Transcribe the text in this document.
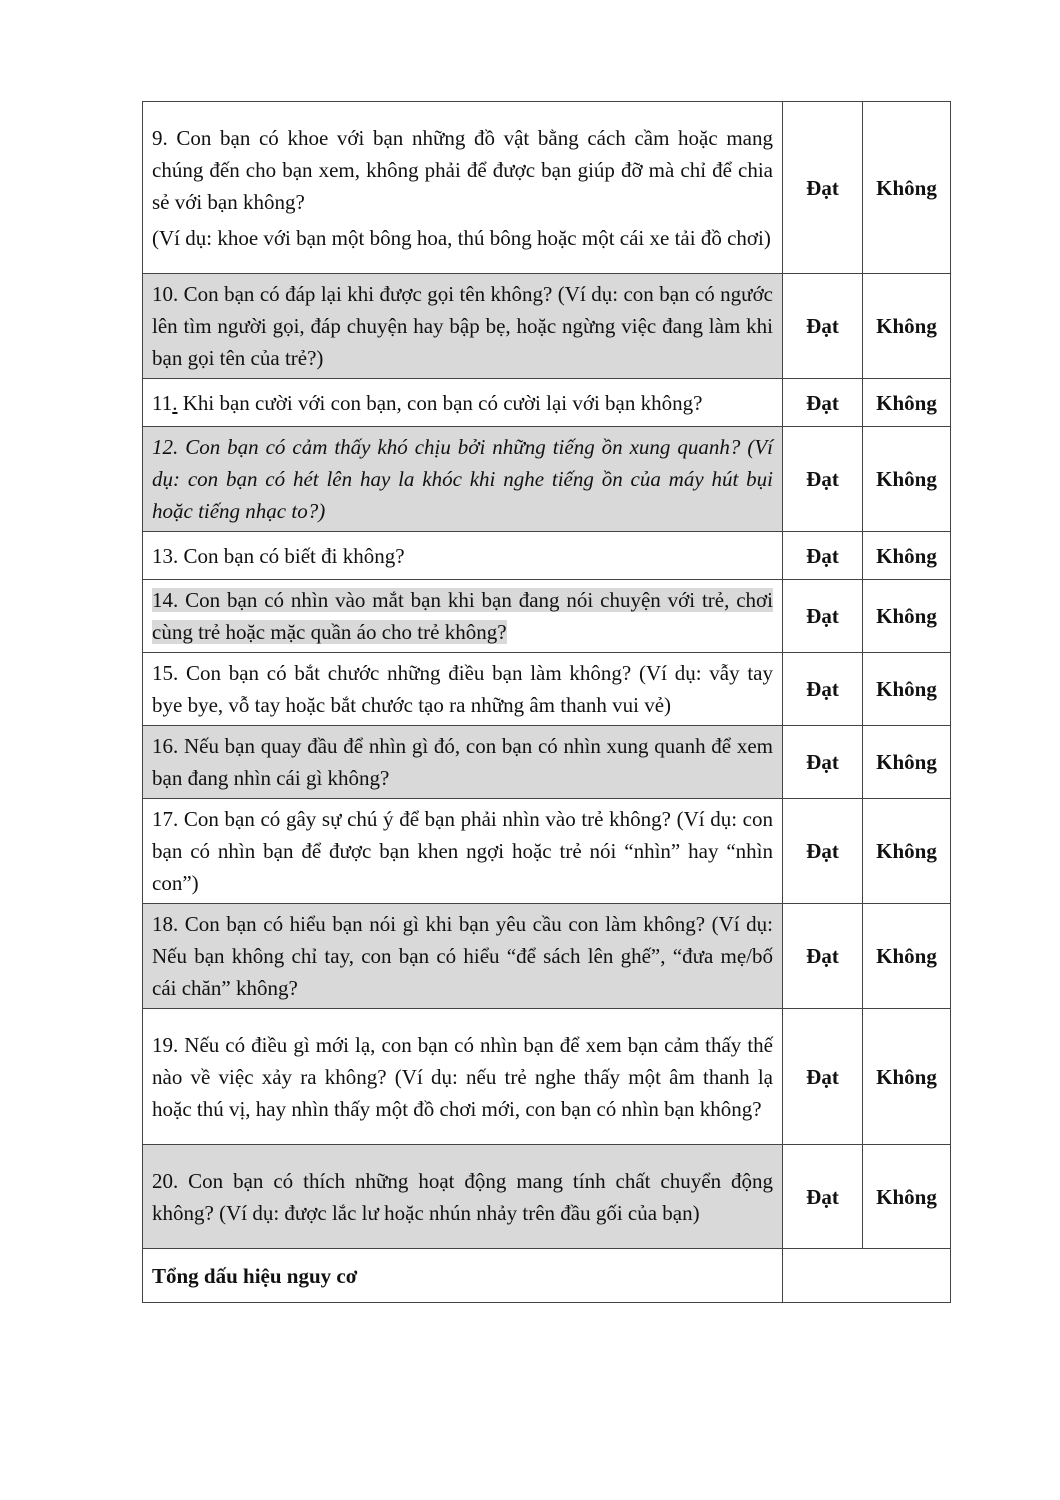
9. Con bạn có khoe với bạn những đồ vật bằng cách cầm hoặc mang chúng đến cho bạn xem, không phải để được bạn giúp đỡ mà chỉ để chia sẻ với bạn không?
(Ví dụ: khoe với bạn một bông hoa, thú bông hoặc một cái xe tải đồ chơi)	Đạt	Không
10. Con bạn có đáp lại khi được gọi tên không? (Ví dụ: con bạn có ngước lên tìm người gọi, đáp chuyện hay bập bẹ, hoặc ngừng việc đang làm khi bạn gọi tên của trẻ?)	Đạt	Không
11. Khi bạn cười với con bạn, con bạn có cười lại với bạn không?	Đạt	Không
12. Con bạn có cảm thấy khó chịu bởi những tiếng ồn xung quanh? (Ví dụ: con bạn có hét lên hay la khóc khi nghe tiếng ồn của máy hút bụi hoặc tiếng nhạc to?)	Đạt	Không
13. Con bạn có biết đi không?	Đạt	Không
14. Con bạn có nhìn vào mắt bạn khi bạn đang nói chuyện với trẻ, chơi cùng trẻ hoặc mặc quần áo cho trẻ không?	Đạt	Không
15. Con bạn có bắt chước những điều bạn làm không? (Ví dụ: vẫy tay bye bye, vỗ tay hoặc bắt chước tạo ra những âm thanh vui vẻ)	Đạt	Không
16. Nếu bạn quay đầu để nhìn gì đó, con bạn có nhìn xung quanh để xem bạn đang nhìn cái gì không?	Đạt	Không
17. Con bạn có gây sự chú ý để bạn phải nhìn vào trẻ không? (Ví dụ: con bạn có nhìn bạn để được bạn khen ngợi hoặc trẻ nói “nhìn” hay “nhìn con”)	Đạt	Không
18. Con bạn có hiểu bạn nói gì khi bạn yêu cầu con làm không? (Ví dụ: Nếu bạn không chỉ tay, con bạn có hiểu “để sách lên ghế”, “đưa mẹ/bố cái chăn” không?	Đạt	Không
19. Nếu có điều gì mới lạ, con bạn có nhìn bạn để xem bạn cảm thấy thế nào về việc xảy ra không? (Ví dụ: nếu trẻ nghe thấy một âm thanh lạ hoặc thú vị, hay nhìn thấy một đồ chơi mới, con bạn có nhìn bạn không?	Đạt	Không
20. Con bạn có thích những hoạt động mang tính chất chuyển động không? (Ví dụ: được lắc lư hoặc nhún nhảy trên đầu gối của bạn)	Đạt	Không
Tổng dấu hiệu nguy cơ		
